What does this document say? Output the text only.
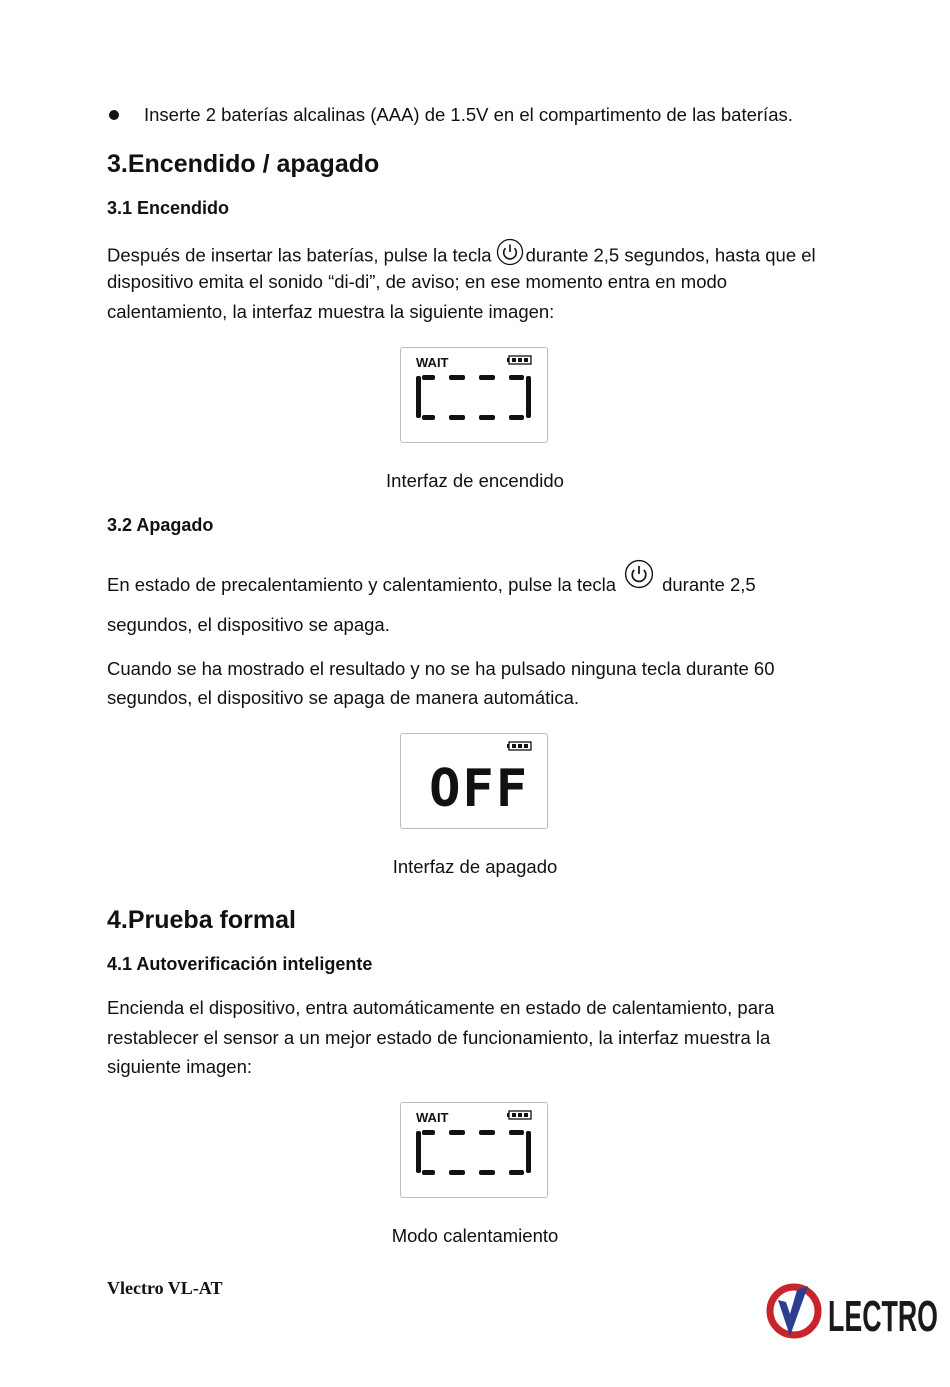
Inserte 2 baterías alcalinas (AAA) de 1.5V en el compartimento de las baterías.
3.Encendido / apagado
3.1 Encendido
Después de insertar las baterías, pulse la tecla durante 2,5 segundos, hasta que el
dispositivo emita el sonido “di-di”, de aviso; en ese momento entra en modo
calentamiento, la interfaz muestra la siguiente imagen:
WAIT
Interfaz de encendido
3.2 Apagado
En estado de precalentamiento y calentamiento, pulse la tecla durante 2,5
segundos, el dispositivo se apaga.
Cuando se ha mostrado el resultado y no se ha pulsado ninguna tecla durante 60
segundos, el dispositivo se apaga de manera automática.
OFF
Interfaz de apagado
4.Prueba formal
4.1 Autoverificación inteligente
Encienda el dispositivo, entra automáticamente en estado de calentamiento, para
restablecer el sensor a un mejor estado de funcionamiento, la interfaz muestra la
siguiente imagen:
WAIT
Modo calentamiento
Vlectro VL-AT
LECTRO
